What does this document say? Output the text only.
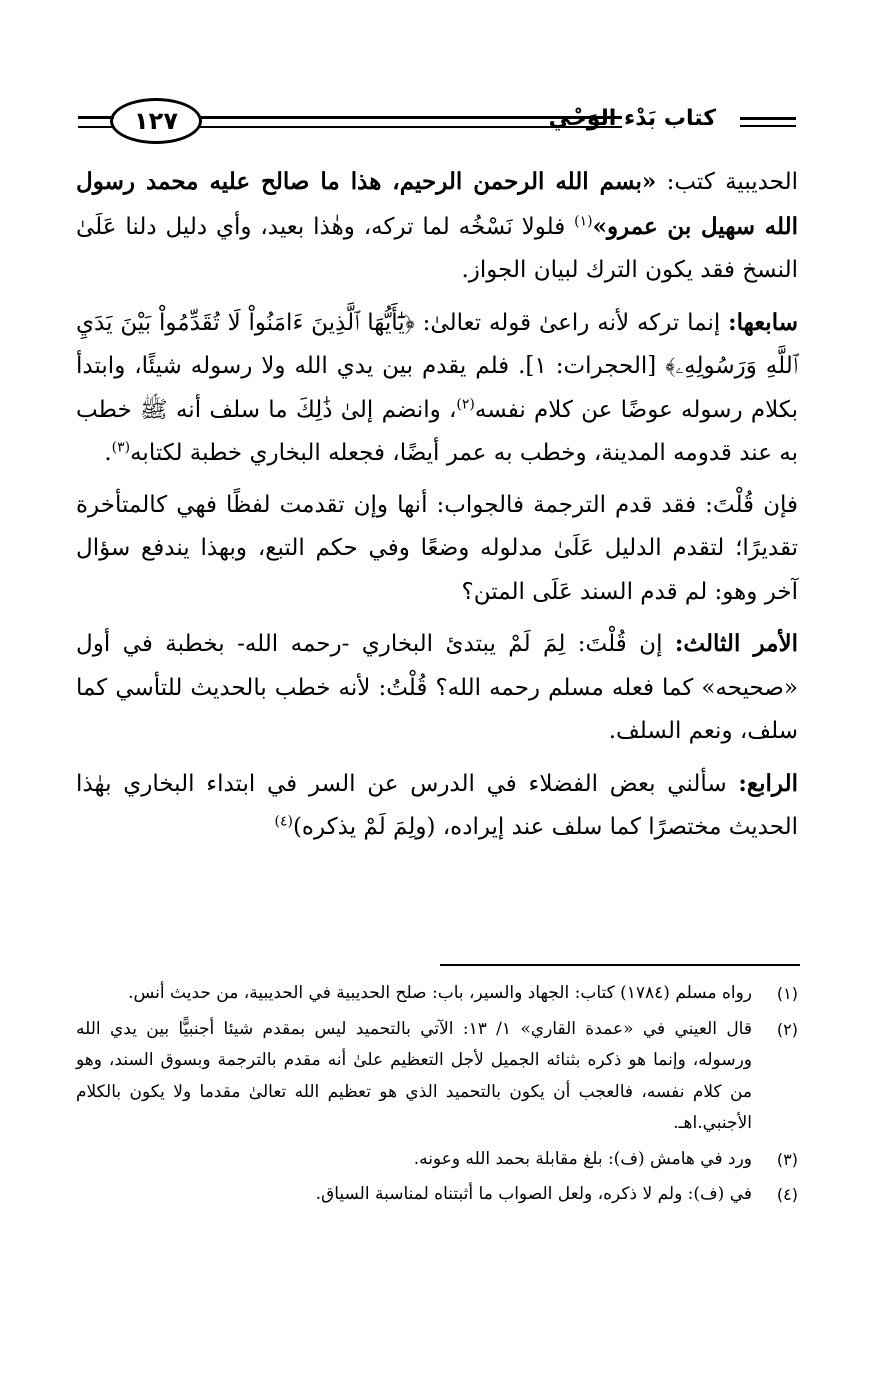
كتاب بَدْء الوَحْي
١٢٧

الحديبية كتب: «بسم الله الرحمن الرحيم، هذا ما صالح عليه محمد رسول الله سهيل بن عمرو»$^{(١)}$ فلولا نَسْخُه لما تركه، وهٰذا بعيد، وأي دليل دلنا عَلَىٰ النسخ فقد يكون الترك لبيان الجواز.

سابعها: إنما تركه لأنه راعىٰ قوله تعالىٰ: ﴿يَٰٓأَيُّهَا ٱلَّذِينَ ءَامَنُواْ لَا تُقَدِّمُواْ بَيْنَ يَدَيِ ٱللَّهِ وَرَسُولِهِۦ﴾ [الحجرات: ١]. فلم يقدم بين يدي الله ولا رسوله شيئًا، وابتدأ بكلام رسوله عوضًا عن كلام نفسه$^{(٢)}$، وانضم إلىٰ ذَٰلِكَ ما سلف أنه ﷺ خطب به عند قدومه المدينة، وخطب به عمر أيضًا، فجعله البخاري خطبة لكتابه$^{(٣)}$.

فإن قُلْتَ: فقد قدم الترجمة فالجواب: أنها وإن تقدمت لفظًا فهي كالمتأخرة تقديرًا؛ لتقدم الدليل عَلَىٰ مدلوله وضعًا وفي حكم التبع، وبهذا يندفع سؤال آخر وهو: لم قدم السند عَلَى المتن؟

الأمر الثالث: إن قُلْتَ: لِمَ لَمْ يبتدئ البخاري -رحمه الله- بخطبة في أول «صحيحه» كما فعله مسلم رحمه الله؟ قُلْتُ: لأنه خطب بالحديث للتأسي كما سلف، ونعم السلف.

الرابع: سألني بعض الفضلاء في الدرس عن السر في ابتداء البخاري بهٰذا الحديث مختصرًا كما سلف عند إيراده، (ولِمَ لَمْ يذكره)$^{(٤)}$

(١)
رواه مسلم (١٧٨٤) كتاب: الجهاد والسير، باب: صلح الحديبية في الحديبية، من حديث أنس.
(٢)
قال العيني في «عمدة القاري» ١/ ١٣: الآتي بالتحميد ليس بمقدم شيئا أجنبيًّا بين يدي الله ورسوله، وإنما هو ذكره بثنائه الجميل لأجل التعظيم علىٰ أنه مقدم بالترجمة وبسوق السند، وهو من كلام نفسه، فالعجب أن يكون بالتحميد الذي هو تعظيم الله تعالىٰ مقدما ولا يكون بالكلام الأجنبي.اهـ.
(٣)
ورد في هامش (ف): بلغ مقابلة بحمد الله وعونه.
(٤)
في (ف): ولم لا ذكره، ولعل الصواب ما أثبتناه لمناسبة السياق.
